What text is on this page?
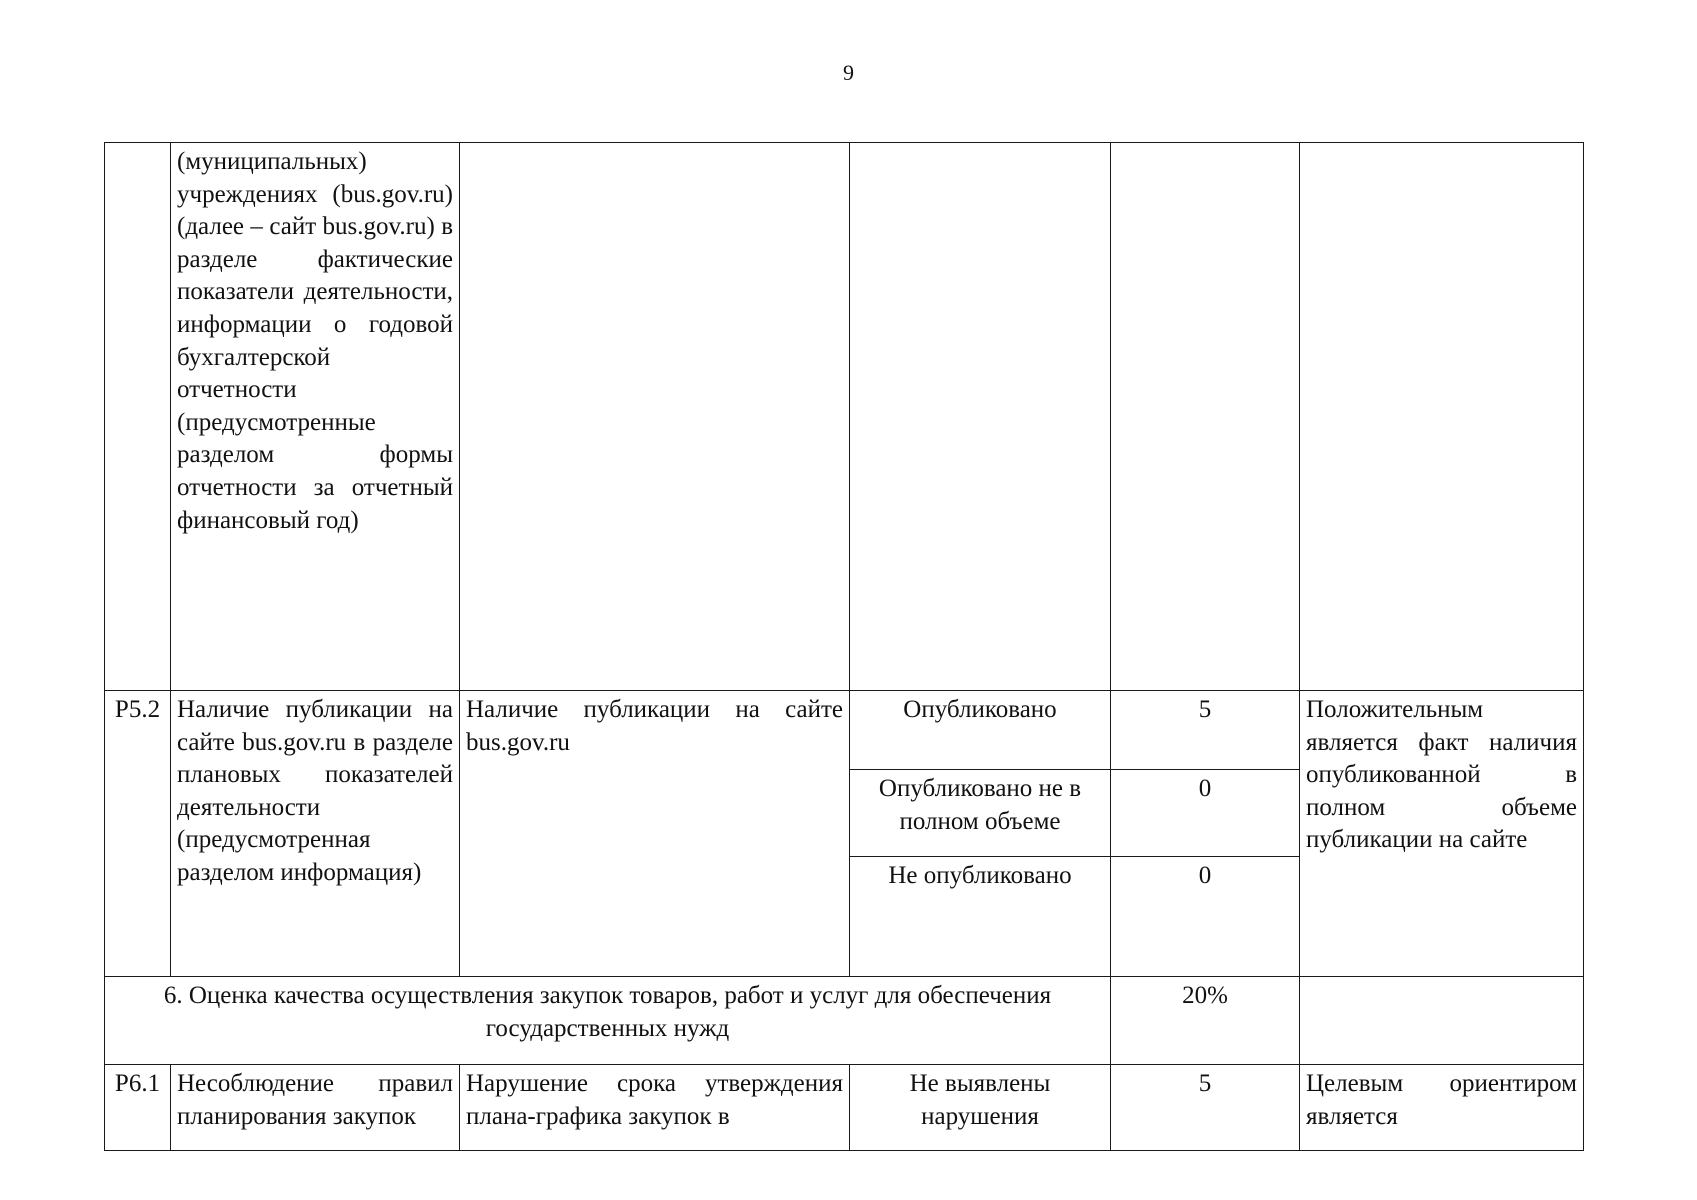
9
	(муниципальных) учреждениях (bus.gov.ru) (далее – сайт bus.gov.ru) в разделе фактические показатели деятельности, информации о годовой бухгалтерской отчетности (предусмотренные разделом формы отчетности за отчетный финансовый год)				
Р5.2	Наличие публикации на сайте bus.gov.ru в разделе плановых показателей деятельности (предусмотренная разделом информация)	Наличие публикации на сайте bus.gov.ru	Опубликовано	5	Положительным является факт наличия опубликованной в полном объеме публикации на сайте
			Опубликовано не в полном объеме	0	
			Не опубликовано	0	
6. Оценка качества осуществления закупок товаров, работ и услуг для обеспечения государственных нужд				20%	
Р6.1	Несоблюдение правил планирования закупок	Нарушение срока утверждения плана-графика закупок в	Не выявлены нарушения	5	Целевым ориентиром является
